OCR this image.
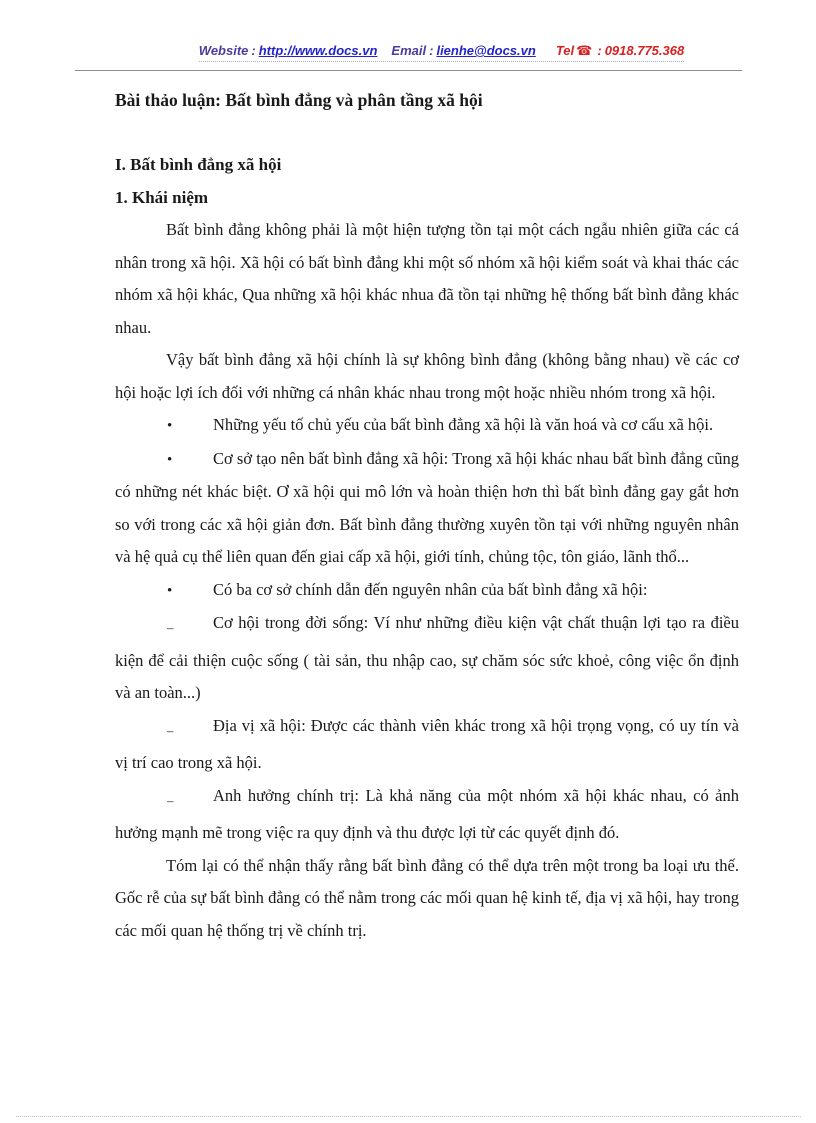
Website : http://www.docs.vn Email : lienhe@docs.vn Tel ☎ : 0918.775.368
Bài thảo luận: Bất bình đẳng và phân tầng xã hội
I. Bất bình đẳng xã hội
1. Khái niệm
Bất bình đẳng không phải là một hiện tượng tồn tại một cách ngẫu nhiên giữa các cá nhân trong xã hội. Xã hội có bất bình đẳng khi một số nhóm xã hội kiểm soát và khai thác các nhóm xã hội khác, Qua những xã hội khác nhua đã tồn tại những hệ thống bất bình đẳng khác nhau.
Vậy bất bình đẳng xã hội chính là sự không bình đẳng (không bằng nhau) về các cơ hội hoặc lợi ích đối với những cá nhân khác nhau trong một hoặc nhiều nhóm trong xã hội.
• Những yếu tố chủ yếu của bất bình đẳng xã hội là văn hoá và cơ cấu xã hội.
• Cơ sở tạo nên bất bình đẳng xã hội: Trong xã hội khác nhau bất bình đẳng cũng có những nét khác biệt. Ơ xã hội qui mô lớn và hoàn thiện hơn thì bất bình đẳng gay gắt hơn so với trong các xã hội giản đơn. Bất bình đẳng thường xuyên tồn tại với những nguyên nhân và hệ quả cụ thể liên quan đến giai cấp xã hội, giới tính, chủng tộc, tôn giáo, lãnh thổ...
• Có ba cơ sở chính dẫn đến nguyên nhân của bất bình đẳng xã hội:
– Cơ hội trong đời sống: Ví như những điều kiện vật chất thuận lợi tạo ra điều kiện để cải thiện cuộc sống ( tài sản, thu nhập cao, sự chăm sóc sức khoẻ, công việc ổn định và an toàn...)
– Địa vị xã hội: Được các thành viên khác trong xã hội trọng vọng, có uy tín và vị trí cao trong xã hội.
– Anh hưởng chính trị: Là khả năng của một nhóm xã hội khác nhau, có ảnh hưởng mạnh mẽ trong việc ra quy định và thu được lợi từ các quyết định đó.
Tóm lại có thể nhận thấy rằng bất bình đẳng có thể dựa trên một trong ba loại ưu thế. Gốc rễ của sự bất bình đẳng có thể nằm trong các mối quan hệ kinh tế, địa vị xã hội, hay trong các mối quan hệ thống trị về chính trị.
